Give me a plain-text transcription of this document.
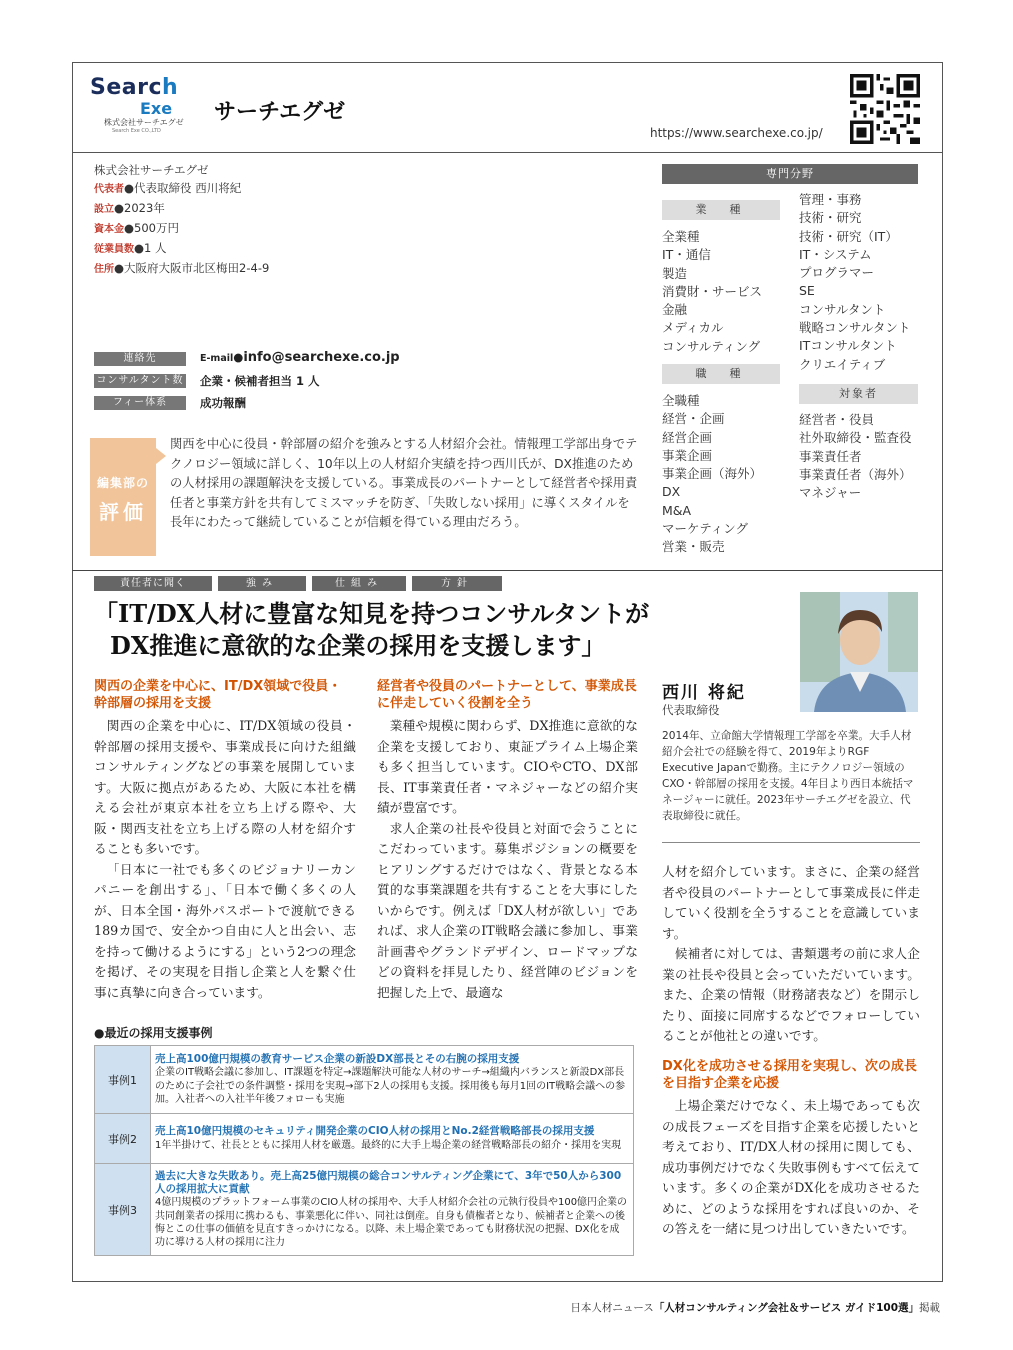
Search
Exe
株式会社サーチエグゼ
Search Exe CO.,LTD
サーチエグゼ
https://www.searchexe.co.jp/
株式会社サーチエグゼ
代表者●代表取締役 西川将紀
設立●2023年
資本金●500万円
従業員数●1 人
住所●大阪府大阪市北区梅田2-4-9
連絡先	E-mail●info@searchexe.co.jp
コンサルタント数 企業・候補者担当 1 人
フィー体系	成功報酬
編集部の
評価
関西を中心に役員・幹部層の紹介を強みとする人材紹介会社。情報理工学部出身でテクノロジー領域に詳しく、10年以上の人材紹介実績を持つ西川氏が、DX推進のための人材採用の課題解決を支援している。事業成長のパートナーとして経営者や採用責任者と事業方針を共有してミスマッチを防ぎ、「失敗しない採用」に導くスタイルを長年にわたって継続していることが信頼を得ている理由だろう。
専門分野
業　種
全業種
IT・通信
製造
消費財・サービス
金融
メディカル
コンサルティング
職　種
全職種
経営・企画
経営企画
事業企画
事業企画（海外）
DX
M&A
マーケティング
営業・販売
管理・事務
技術・研究
技術・研究（IT）
IT・システム
プログラマー
SE
コンサルタント
戦略コンサルタント
ITコンサルタント
クリエイティブ
対象者
経営者・役員
社外取締役・監査役
事業責任者
事業責任者（海外）
マネジャー
責任者に聞く	強み	仕組み	方針
「IT/DX人材に豊富な知見を持つコンサルタントが
DX推進に意欲的な企業の採用を支援します」
関西の企業を中心に、IT/DX領域で役員・幹部層の採用を支援

関西の企業を中心に、IT/DX領域の役員・幹部層の採用支援や、事業成長に向けた組織コンサルティングなどの事業を展開しています。大阪に拠点があるため、大阪に本社を構える会社が東京本社を立ち上げる際や、大阪・関西支社を立ち上げる際の人材を紹介することも多いです。

「日本に一社でも多くのビジョナリーカンパニーを創出する」、「日本で働く多くの人が、日本全国・海外パスポートで渡航できる189カ国で、安全かつ自由に人と出会い、志を持って働けるようにする」という2つの理念を掲げ、その実現を目指し企業と人を繋ぐ仕事に真摯に向き合っています。

経営者や役員のパートナーとして、事業成長に伴走していく役割を全う

業種や規模に関わらず、DX推進に意欲的な企業を支援しており、東証プライム上場企業も多く担当しています。CIOやCTO、DX部長、IT事業責任者・マネジャーなどの紹介実績が豊富です。

求人企業の社長や役員と対面で会うことにこだわっています。募集ポジションの概要をヒアリングするだけではなく、背景となる本質的な事業課題を共有することを大事にしたいからです。例えば「DX人材が欲しい」であれば、求人企業のIT戦略会議に参加し、事業計画書やグランドデザイン、ロードマップなどの資料を拝見したり、経営陣のビジョンを把握した上で、最適な

西川 将紀
代表取締役
2014年、立命館大学情報理工学部を卒業。大手人材紹介会社での経験を得て、2019年よりRGF Executive Japanで勤務。主にテクノロジー領域のCXO・幹部層の採用を支援。4年目より西日本統括マネージャーに就任。2023年サーチエグゼを設立、代表取締役に就任。

人材を紹介しています。まさに、企業の経営者や役員のパートナーとして事業成長に伴走していく役割を全うすることを意識しています。

候補者に対しては、書類選考の前に求人企業の社長や役員と会っていただいています。また、企業の情報（財務諸表など）を開示したり、面接に同席するなどでフォローしていることが他社との違いです。

DX化を成功させる採用を実現し、次の成長を目指す企業を応援

上場企業だけでなく、未上場であっても次の成長フェーズを目指す企業を応援したいと考えており、IT/DX人材の採用に関しても、成功事例だけでなく失敗事例もすべて伝えています。多くの企業がDX化を成功させるために、どのような採用をすれば良いのか、その答えを一緒に見つけ出していきたいです。

●最近の採用支援事例
事例1	売上高100億円規模の教育サービス企業の新設DX部長とその右腕の採用支援
企業のIT戦略会議に参加し、IT課題を特定→課題解決可能な人材のサーチ→組織内バランスと新設DX部長のために子会社での条件調整・採用を実現→部下2人の採用も支援。採用後も毎月1回のIT戦略会議への参加。入社者への入社半年後フォローも実施

事例2	売上高10億円規模のセキュリティ開発企業のCIO人材の採用とNo.2経営戦略部長の採用支援
1年半掛けて、社長とともに採用人材を厳選。最終的に大手上場企業の経営戦略部長の紹介・採用を実現

事例3	過去に大きな失敗あり。売上高25億円規模の総合コンサルティング企業にて、3年で50人から300人の採用拡大に貢献
4億円規模のプラットフォーム事業のCIO人材の採用や、大手人材紹介会社の元執行役員や100億円企業の共同創業者の採用に携わるも、事業悪化に伴い、同社は倒産。自身も債権者となり、候補者と企業への後悔とこの仕事の価値を見直すきっかけになる。以降、未上場企業であっても財務状況の把握、DX化を成功に導ける人材の採用に注力
日本人材ニュース「人材コンサルティング会社＆サービス ガイド100選」掲載
